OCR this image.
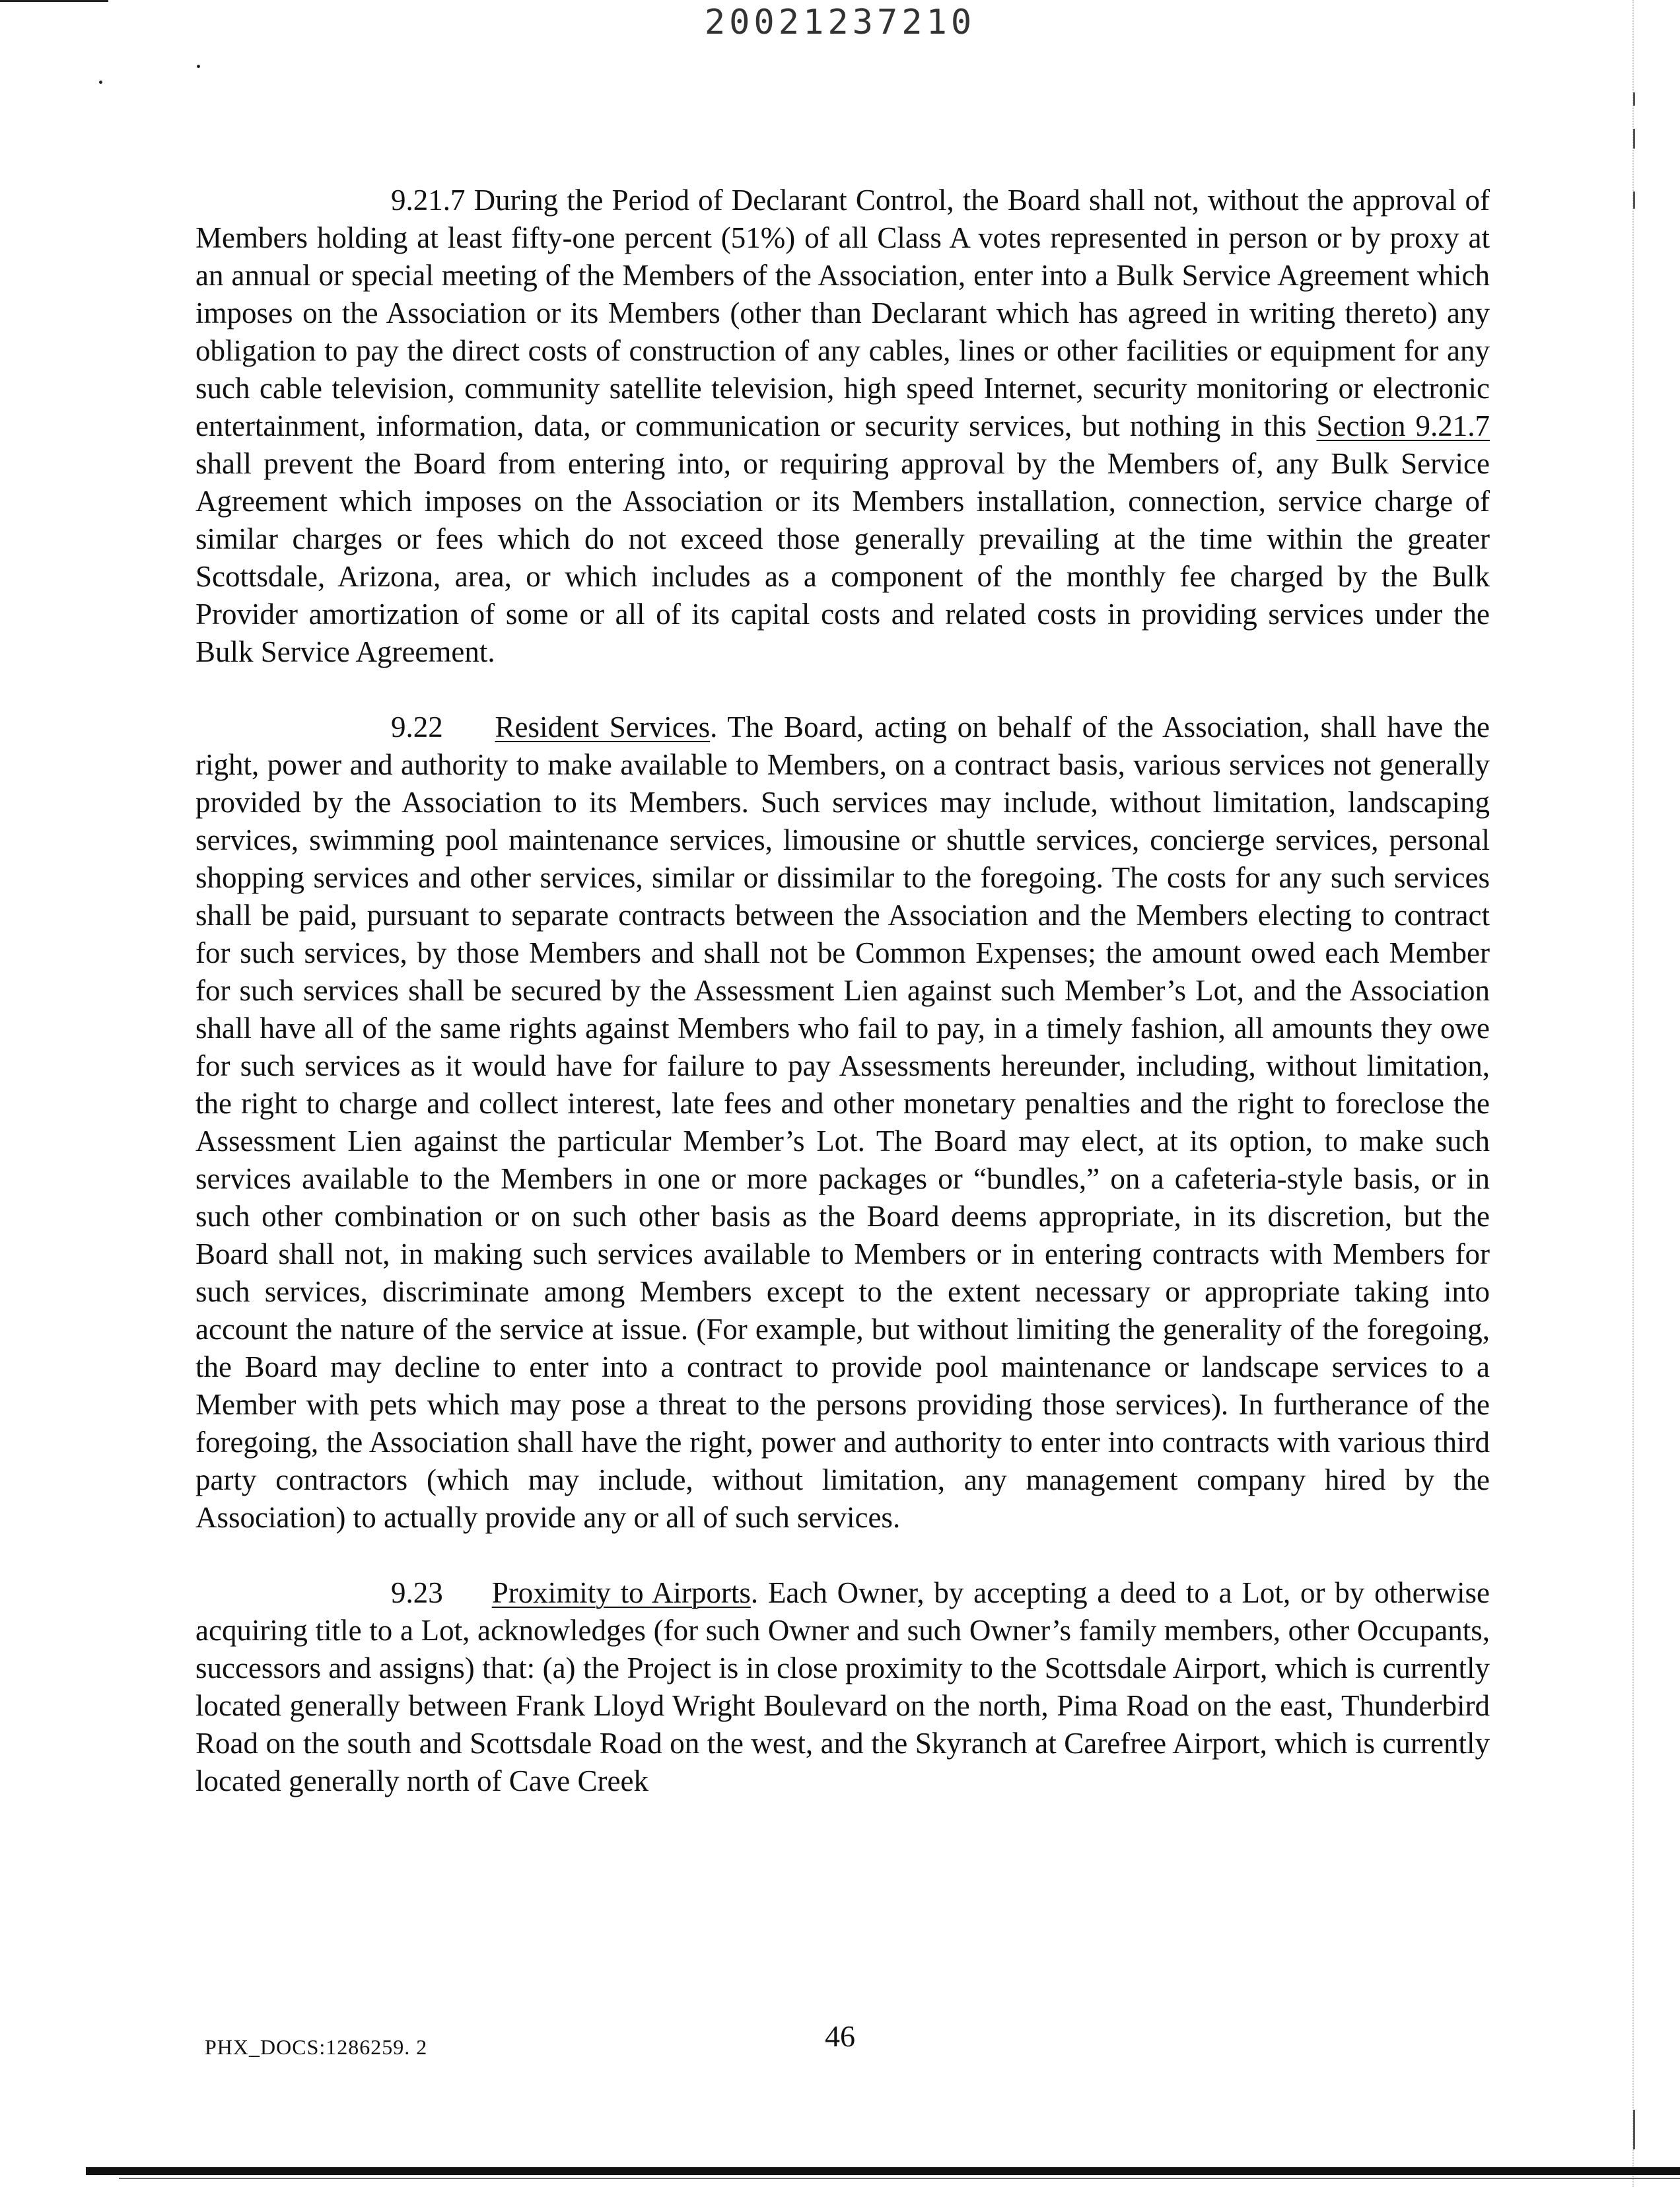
20021237210

9.21.7 During the Period of Declarant Control, the Board shall not, without the approval of Members holding at least fifty-one percent (51%) of all Class A votes represented in person or by proxy at an annual or special meeting of the Members of the Association, enter into a Bulk Service Agreement which imposes on the Association or its Members (other than Declarant which has agreed in writing thereto) any obligation to pay the direct costs of construction of any cables, lines or other facilities or equipment for any such cable television, community satellite television, high speed Internet, security monitoring or electronic entertainment, information, data, or communication or security services, but nothing in this Section 9.21.7 shall prevent the Board from entering into, or requiring approval by the Members of, any Bulk Service Agreement which imposes on the Association or its Members installation, connection, service charge of similar charges or fees which do not exceed those generally prevailing at the time within the greater Scottsdale, Arizona, area, or which includes as a component of the monthly fee charged by the Bulk Provider amortization of some or all of its capital costs and related costs in providing services under the Bulk Service Agreement.

9.22 Resident Services. The Board, acting on behalf of the Association, shall have the right, power and authority to make available to Members, on a contract basis, various services not generally provided by the Association to its Members. Such services may include, without limitation, landscaping services, swimming pool maintenance services, limousine or shuttle services, concierge services, personal shopping services and other services, similar or dissimilar to the foregoing. The costs for any such services shall be paid, pursuant to separate contracts between the Association and the Members electing to contract for such services, by those Members and shall not be Common Expenses; the amount owed each Member for such services shall be secured by the Assessment Lien against such Member’s Lot, and the Association shall have all of the same rights against Members who fail to pay, in a timely fashion, all amounts they owe for such services as it would have for failure to pay Assessments hereunder, including, without limitation, the right to charge and collect interest, late fees and other monetary penalties and the right to foreclose the Assessment Lien against the particular Member’s Lot. The Board may elect, at its option, to make such services available to the Members in one or more packages or “bundles,” on a cafeteria-style basis, or in such other combination or on such other basis as the Board deems appropriate, in its discretion, but the Board shall not, in making such services available to Members or in entering contracts with Members for such services, discriminate among Members except to the extent necessary or appropriate taking into account the nature of the service at issue. (For example, but without limiting the generality of the foregoing, the Board may decline to enter into a contract to provide pool maintenance or landscape services to a Member with pets which may pose a threat to the persons providing those services). In furtherance of the foregoing, the Association shall have the right, power and authority to enter into contracts with various third party contractors (which may include, without limitation, any management company hired by the Association) to actually provide any or all of such services.

9.23 Proximity to Airports. Each Owner, by accepting a deed to a Lot, or by otherwise acquiring title to a Lot, acknowledges (for such Owner and such Owner’s family members, other Occupants, successors and assigns) that: (a) the Project is in close proximity to the Scottsdale Airport, which is currently located generally between Frank Lloyd Wright Boulevard on the north, Pima Road on the east, Thunderbird Road on the south and Scottsdale Road on the west, and the Skyranch at Carefree Airport, which is currently located generally north of Cave Creek

PHX_DOCS:1286259. 2	46
